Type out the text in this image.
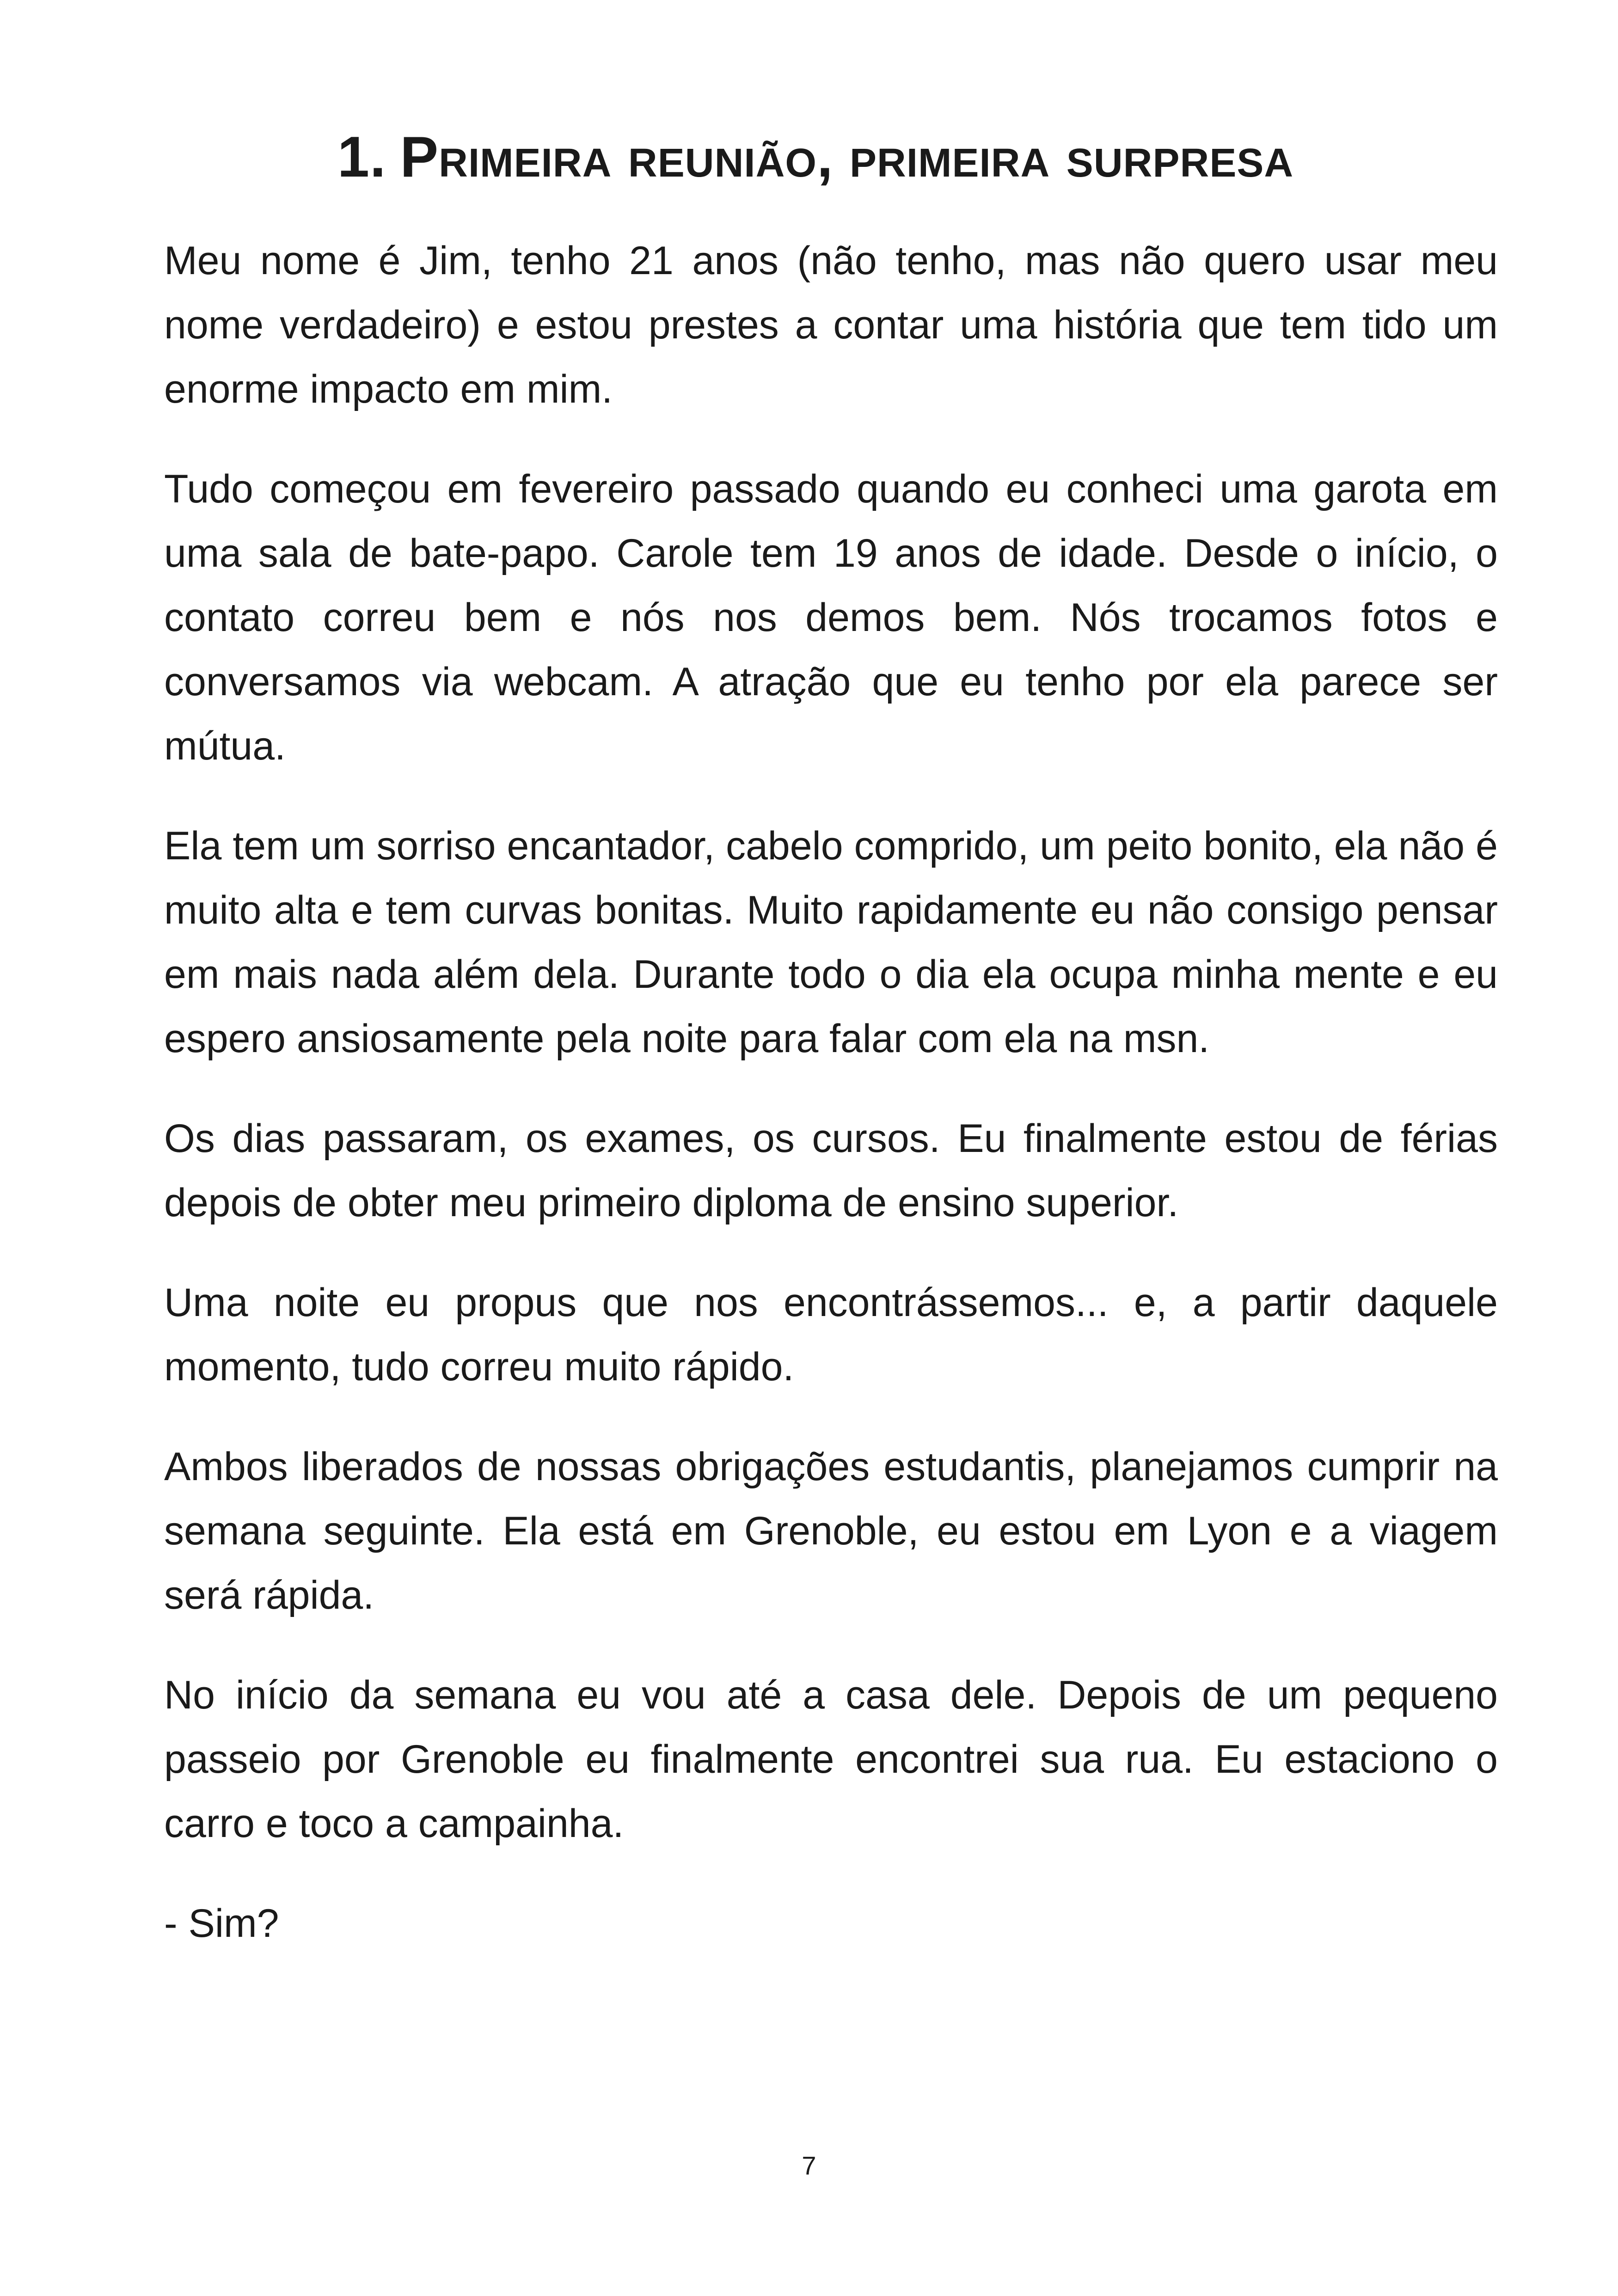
1. Primeira reunião, primeira surpresa

Meu nome é Jim, tenho 21 anos (não tenho, mas não quero usar meu nome verdadeiro) e estou prestes a contar uma história que tem tido um enorme impacto em mim.

Tudo começou em fevereiro passado quando eu conheci uma garota em uma sala de bate-papo. Carole tem 19 anos de idade. Desde o início, o contato correu bem e nós nos demos bem. Nós trocamos fotos e conversamos via webcam. A atração que eu tenho por ela parece ser mútua.

Ela tem um sorriso encantador, cabelo comprido, um peito bonito, ela não é muito alta e tem curvas bonitas. Muito rapidamente eu não consigo pensar em mais nada além dela. Durante todo o dia ela ocupa minha mente e eu espero ansiosamente pela noite para falar com ela na msn.

Os dias passaram, os exames, os cursos. Eu finalmente estou de férias depois de obter meu primeiro diploma de ensino superior.

Uma noite eu propus que nos encontrássemos... e, a partir daquele momento, tudo correu muito rápido.

Ambos liberados de nossas obrigações estudantis, planejamos cumprir na semana seguinte. Ela está em Grenoble, eu estou em Lyon e a viagem será rápida.

No início da semana eu vou até a casa dele. Depois de um pequeno passeio por Grenoble eu finalmente encontrei sua rua. Eu estaciono o carro e toco a campainha.

- Sim?

7
